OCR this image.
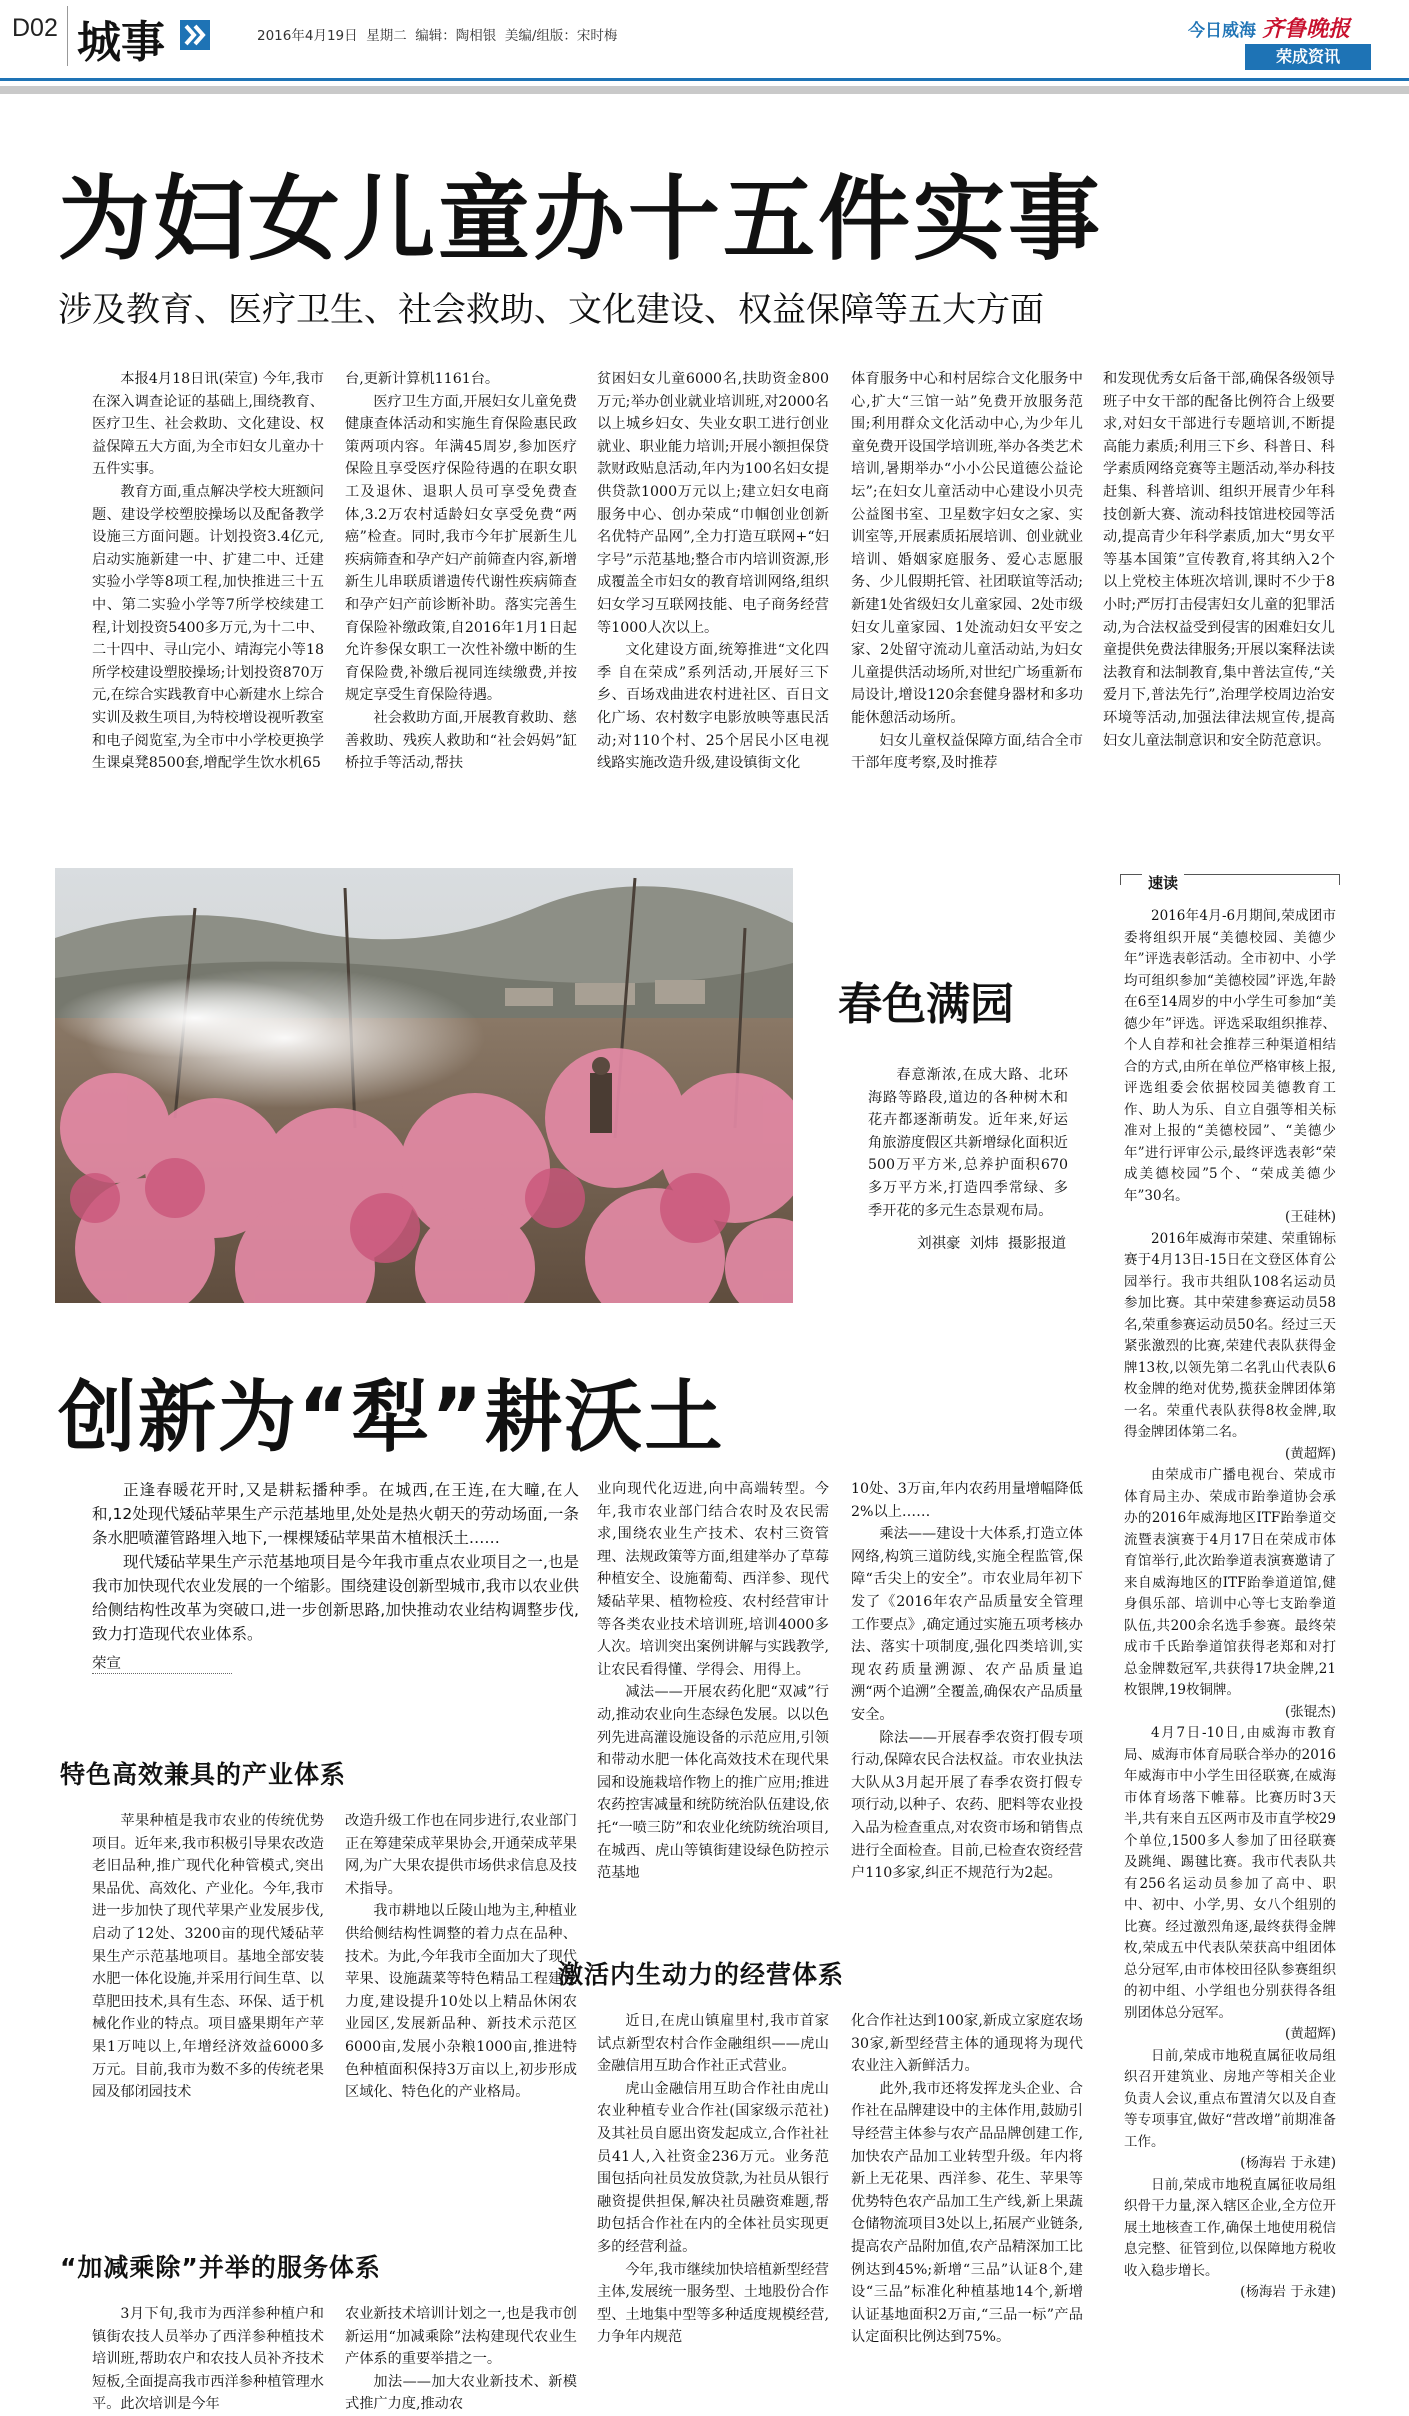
D02 城事	2016年4月19日  星期二  编辑：陶相银  美编/组版：宋时梅	今日威海 齐鲁晚报
荣成资讯
为妇女儿童办十五件实事
涉及教育、医疗卫生、社会救助、文化建设、权益保障等五大方面

本报4月18日讯(荣宣) 今年,我市在深入调查论证的基础上,围绕教育、医疗卫生、社会救助、文化建设、权益保障五大方面,为全市妇女儿童办十五件实事。

教育方面,重点解决学校大班额问题、建设学校塑胶操场以及配备教学设施三方面问题。计划投资3.4亿元,启动实施新建一中、扩建二中、迁建实验小学等8项工程,加快推进三十五中、第二实验小学等7所学校续建工程,计划投资5400多万元,为十二中、二十四中、寻山完小、靖海完小等18所学校建设塑胶操场;计划投资870万元,在综合实践教育中心新建水上综合实训及救生项目,为特校增设视听教室和电子阅览室,为全市中小学校更换学生课桌凳8500套,增配学生饮水机65

台,更新计算机1161台。

医疗卫生方面,开展妇女儿童免费健康查体活动和实施生育保险惠民政策两项内容。年满45周岁,参加医疗保险且享受医疗保险待遇的在职女职工及退休、退职人员可享受免费查体,3.2万农村适龄妇女享受免费“两癌”检查。同时,我市今年扩展新生儿疾病筛查和孕产妇产前筛查内容,新增新生儿串联质谱遗传代谢性疾病筛查和孕产妇产前诊断补助。落实完善生育保险补缴政策,自2016年1月1日起允许参保女职工一次性补缴中断的生育保险费,补缴后视同连续缴费,并按规定享受生育保险待遇。

社会救助方面,开展教育救助、慈善救助、残疾人救助和“社会妈妈”缸桥拉手等活动,帮扶

贫困妇女儿童6000名,扶助资金800万元;举办创业就业培训班,对2000名以上城乡妇女、失业女职工进行创业就业、职业能力培训;开展小额担保贷款财政贴息活动,年内为100名妇女提供贷款1000万元以上;建立妇女电商服务中心、创办荣成“巾帼创业创新名优特产品网”,全力打造互联网+“妇字号”示范基地;整合市内培训资源,形成覆盖全市妇女的教育培训网络,组织妇女学习互联网技能、电子商务经营等1000人次以上。

文化建设方面,统筹推进“文化四季 自在荣成”系列活动,开展好三下乡、百场戏曲进农村进社区、百日文化广场、农村数字电影放映等惠民活动;对110个村、25个居民小区电视线路实施改造升级,建设镇街文化

体育服务中心和村居综合文化服务中心,扩大“三馆一站”免费开放服务范围;利用群众文化活动中心,为少年儿童免费开设国学培训班,举办各类艺术培训,暑期举办“小小公民道德公益论坛”;在妇女儿童活动中心建设小贝壳公益图书室、卫星数字妇女之家、实训室等,开展素质拓展培训、创业就业培训、婚姻家庭服务、爱心志愿服务、少儿假期托管、社团联谊等活动;新建1处省级妇女儿童家园、2处市级妇女儿童家园、1处流动妇女平安之家、2处留守流动儿童活动站,为妇女儿童提供活动场所,对世纪广场重新布局设计,增设120余套健身器材和多功能休憩活动场所。

妇女儿童权益保障方面,结合全市干部年度考察,及时推荐

和发现优秀女后备干部,确保各级领导班子中女干部的配备比例符合上级要求,对妇女干部进行专题培训,不断提高能力素质;利用三下乡、科普日、科学素质网络竞赛等主题活动,举办科技赶集、科普培训、组织开展青少年科技创新大赛、流动科技馆进校园等活动,提高青少年科学素质,加大“男女平等基本国策”宣传教育,将其纳入2个以上党校主体班次培训,课时不少于8小时;严厉打击侵害妇女儿童的犯罪活动,为合法权益受到侵害的困难妇女儿童提供免费法律服务;开展以案释法读法教育和法制教育,集中普法宣传,“关爱月下,普法先行”,治理学校周边治安环境等活动,加强法律法规宣传,提高妇女儿童法制意识和安全防范意识。

春色满园
春意渐浓,在成大路、北环海路等路段,道边的各种树木和花卉都逐渐萌发。近年来,好运角旅游度假区共新增绿化面积近500万平方米,总养护面积670多万平方米,打造四季常绿、多季开花的多元生态景观布局。
刘祺豪  刘炜  摄影报道
速读

2016年4月-6月期间,荣成团市委将组织开展“美德校园、美德少年”评选表彰活动。全市初中、小学均可组织参加“美德校园”评选,年龄在6至14周岁的中小学生可参加“美德少年”评选。评选采取组织推荐、个人自荐和社会推荐三种渠道相结合的方式,由所在单位严格审核上报,评选组委会依据校园美德教育工作、助人为乐、自立自强等相关标准对上报的“美德校园”、“美德少年”进行评审公示,最终评选表彰“荣成美德校园”5个、“荣成美德少年”30名。

(王硅林)

2016年威海市荣建、荣重锦标赛于4月13日-15日在文登区体育公园举行。我市共组队108名运动员参加比赛。其中荣建参赛运动员58名,荣重参赛运动员50名。经过三天紧张激烈的比赛,荣建代表队获得金牌13枚,以领先第二名乳山代表队6枚金牌的绝对优势,揽获金牌团体第一名。荣重代表队获得8枚金牌,取得金牌团体第二名。

(黄超辉)

由荣成市广播电视台、荣成市体育局主办、荣成市跆拳道协会承办的2016年威海地区ITF跆拳道交流暨表演赛于4月17日在荣成市体育馆举行,此次跆拳道表演赛邀请了来自威海地区的ITF跆拳道道馆,健身俱乐部、培训中心等七支跆拳道队伍,共200余名选手参赛。最终荣成市千氏跆拳道馆获得老郑和对打总金牌数冠军,共获得17块金牌,21枚银牌,19枚铜牌。

(张锟杰)

4月7日-10日,由威海市教育局、威海市体育局联合举办的2016年威海市中小学生田径联赛,在威海市体育场落下帷幕。比赛历时3天半,共有来自五区两市及市直学校29个单位,1500多人参加了田径联赛及跳绳、踢毽比赛。我市代表队共有256名运动员参加了高中、职中、初中、小学,男、女八个组别的比赛。经过激烈角逐,最终获得金牌枚,荣成五中代表队荣获高中组团体总分冠军,由市体校田径队参赛组织的初中组、小学组也分别获得各组别团体总分冠军。

(黄超辉)

日前,荣成市地税直属征收局组织召开建筑业、房地产等相关企业负责人会议,重点布置清欠以及自查等专项事宜,做好“营改增”前期准备工作。

(杨海岩 于永建)

日前,荣成市地税直属征收局组织骨干力量,深入辖区企业,全方位开展土地核查工作,确保土地使用税信息完整、征管到位,以保障地方税收收入稳步增长。

(杨海岩 于永建)
创新为“犁”耕沃土
正逢春暖花开时,又是耕耘播种季。在城西,在王连,在大疃,在人和,12处现代矮砧苹果生产示范基地里,处处是热火朝天的劳动场面,一条条水肥喷灌管路埋入地下,一棵棵矮砧苹果苗木植根沃土……
现代矮砧苹果生产示范基地项目是今年我市重点农业项目之一,也是我市加快现代农业发展的一个缩影。围绕建设创新型城市,我市以农业供给侧结构性改革为突破口,进一步创新思路,加快推动农业结构调整步伐,致力打造现代农业体系。
荣宣
特色高效兼具的产业体系

苹果种植是我市农业的传统优势项目。近年来,我市积极引导果农改造老旧品种,推广现代化种管模式,突出果品优、高效化、产业化。今年,我市进一步加快了现代苹果产业发展步伐,启动了12处、3200亩的现代矮砧苹果生产示范基地项目。基地全部安装水肥一体化设施,并采用行间生草、以草肥田技术,具有生态、环保、适于机械化作业的特点。项目盛果期年产苹果1万吨以上,年增经济效益6000多万元。目前,我市为数不多的传统老果园及郁闭园技术

改造升级工作也在同步进行,农业部门正在筹建荣成苹果协会,开通荣成苹果网,为广大果农提供市场供求信息及技术指导。

我市耕地以丘陵山地为主,种植业供给侧结构性调整的着力点在品种、技术。为此,今年我市全面加大了现代苹果、设施蔬菜等特色精品工程建设力度,建设提升10处以上精品休闲农业园区,发展新品种、新技术示范区6000亩,发展小杂粮1000亩,推进特色种植面积保持3万亩以上,初步形成区域化、特色化的产业格局。

“加减乘除”并举的服务体系

3月下旬,我市为西洋参种植户和镇街农技人员举办了西洋参种植技术培训班,帮助农户和农技人员补齐技术短板,全面提高我市西洋参种植管理水平。此次培训是今年

农业新技术培训计划之一,也是我市创新运用“加减乘除”法构建现代农业生产体系的重要举措之一。

加法——加大农业新技术、新模式推广力度,推动农

业向现代化迈进,向中高端转型。今年,我市农业部门结合农时及农民需求,围绕农业生产技术、农村三资管理、法规政策等方面,组建举办了草莓种植安全、设施葡萄、西洋参、现代矮砧苹果、植物检疫、农村经营审计等各类农业技术培训班,培训4000多人次。培训突出案例讲解与实践教学,让农民看得懂、学得会、用得上。

减法——开展农药化肥“双减”行动,推动农业向生态绿色发展。以以色列先进高灌设施设备的示范应用,引领和带动水肥一体化高效技术在现代果园和设施栽培作物上的推广应用;推进农药控害减量和统防统治队伍建设,依托“一喷三防”和农业化统防统治项目,在城西、虎山等镇街建设绿色防控示范基地

10处、3万亩,年内农药用量增幅降低2%以上……

乘法——建设十大体系,打造立体网络,构筑三道防线,实施全程监管,保障“舌尖上的安全”。市农业局年初下发了《2016年农产品质量安全管理工作要点》,确定通过实施五项考核办法、落实十项制度,强化四类培训,实现农药质量溯源、农产品质量追溯“两个追溯”全覆盖,确保农产品质量安全。

除法——开展春季农资打假专项行动,保障农民合法权益。市农业执法大队从3月起开展了春季农资打假专项行动,以种子、农药、肥料等农业投入品为检查重点,对农资市场和销售点进行全面检查。目前,已检查农资经营户110多家,纠正不规范行为2起。

激活内生动力的经营体系

近日,在虎山镇雇里村,我市首家试点新型农村合作金融组织——虎山金融信用互助合作社正式营业。

虎山金融信用互助合作社由虎山农业种植专业合作社(国家级示范社)及其社员自愿出资发起成立,合作社社员41人,入社资金236万元。业务范围包括向社员发放贷款,为社员从银行融资提供担保,解决社员融资难题,帮助包括合作社在内的全体社员实现更多的经营利益。

今年,我市继续加快培植新型经营主体,发展统一服务型、土地股份合作型、土地集中型等多种适度规模经营,力争年内规范

化合作社达到100家,新成立家庭农场30家,新型经营主体的通现将为现代农业注入新鲜活力。

此外,我市还将发挥龙头企业、合作社在品牌建设中的主体作用,鼓励引导经营主体参与农产品品牌创建工作,加快农产品加工业转型升级。年内将新上无花果、西洋参、花生、苹果等优势特色农产品加工生产线,新上果蔬仓储物流项目3处以上,拓展产业链条,提高农产品附加值,农产品精深加工比例达到45%;新增“三品”认证8个,建设“三品”标准化种植基地14个,新增认证基地面积2万亩,“三品一标”产品认定面积比例达到75%。
